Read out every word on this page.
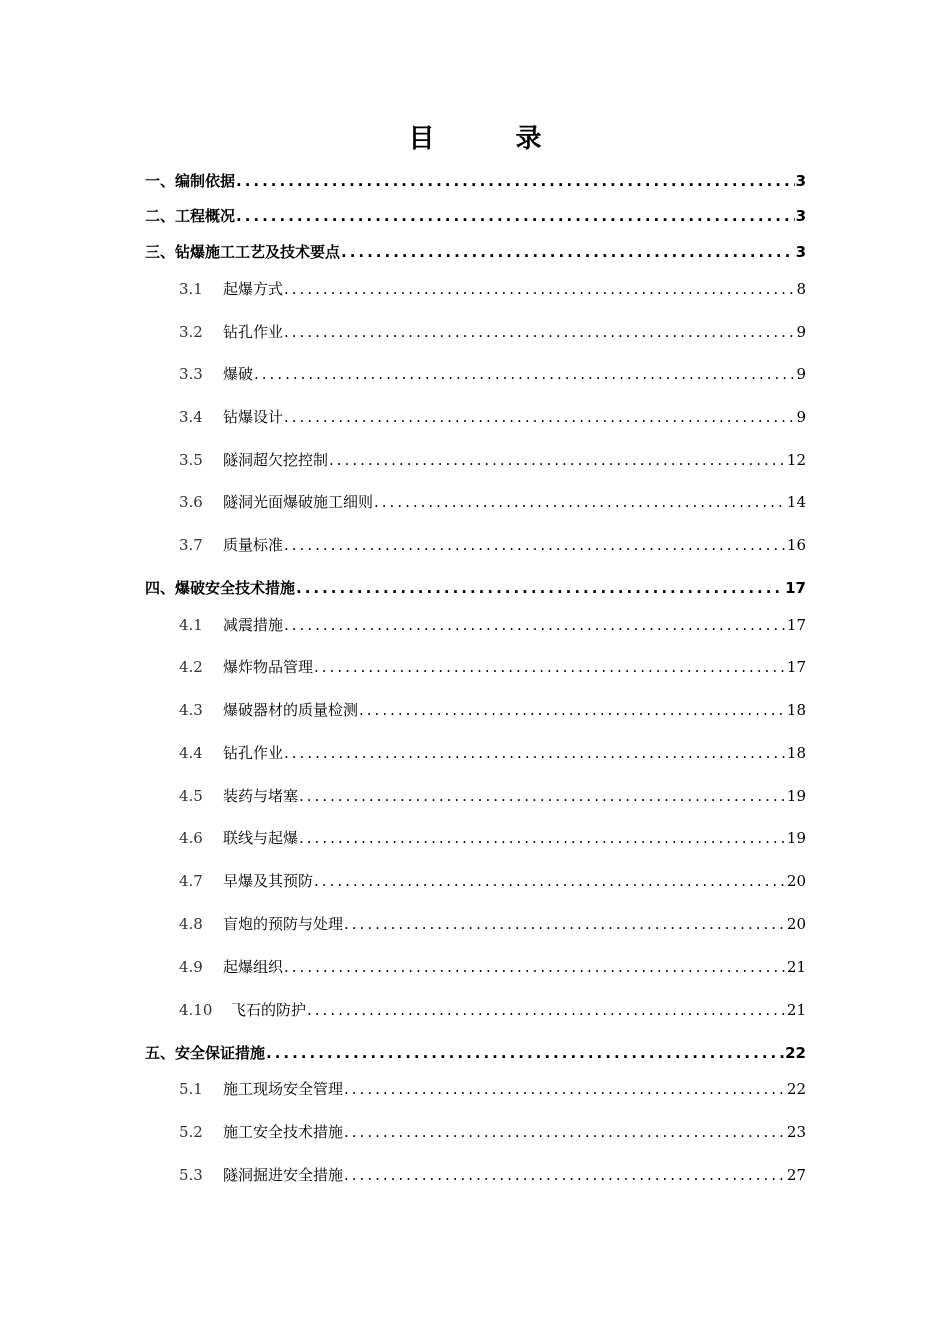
目 录
一、编制依据 .....	3
二、工程概况 .....	3
三、钻爆施工工艺及技术要点 .....	3
3.1	起爆方式 .....	8
3.2	钻孔作业 .....	9
3.3	爆破 .....	9
3.4	钻爆设计 .....	9
3.5	隧洞超欠挖控制 .....	12
3.6	隧洞光面爆破施工细则 .....	14
3.7	质量标准 .....	16
四、爆破安全技术措施 .....	17
4.1	减震措施 .....	17
4.2	爆炸物品管理 .....	17
4.3	爆破器材的质量检测 .....	18
4.4	钻孔作业 .....	18
4.5	装药与堵塞 .....	19
4.6	联线与起爆 .....	19
4.7	早爆及其预防 .....	20
4.8	盲炮的预防与处理 .....	20
4.9	起爆组织 .....	21
4.10	飞石的防护 .....	21
五、安全保证措施 .....	22
5.1	施工现场安全管理 .....	22
5.2	施工安全技术措施 .....	23
5.3	隧洞掘进安全措施 .....	27
